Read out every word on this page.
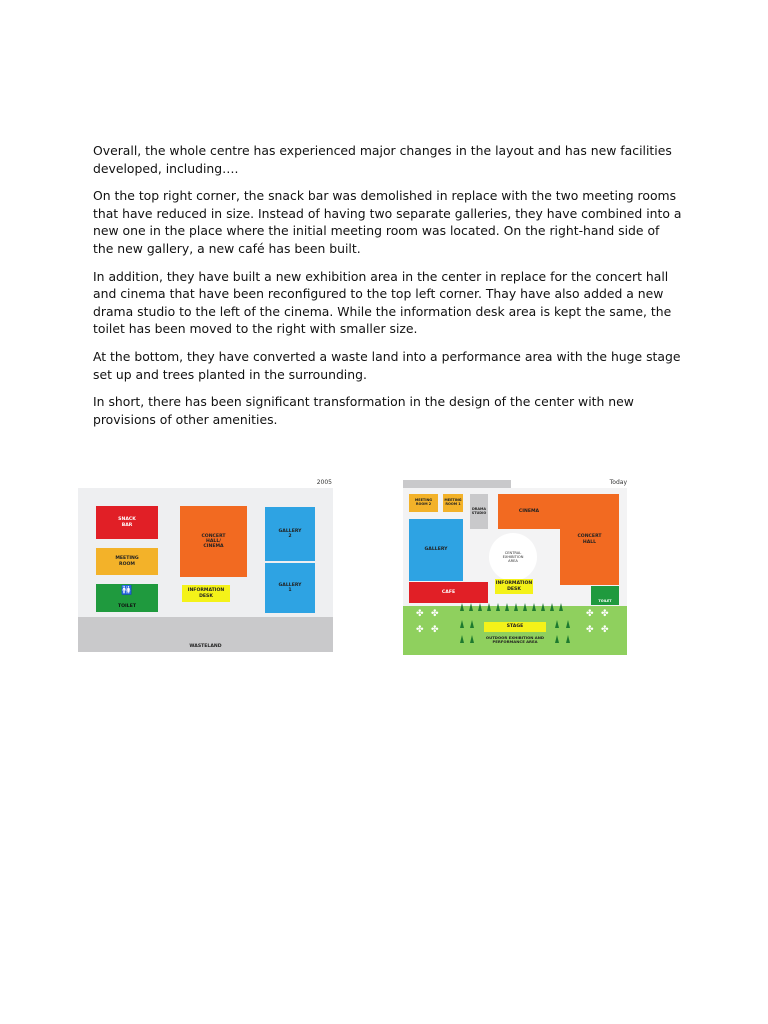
Overall, the whole centre has experienced major changes in the layout and has new facilities developed, including….

On the top right corner, the snack bar was demolished in replace with the two meeting rooms that have reduced in size. Instead of having two separate galleries, they have combined into a new one in the place where the initial meeting room was located. On the right-hand side of the new gallery, a new café has been built.

In addition, they have built a new exhibition area in the center in replace for the concert hall and cinema that have been reconfigured to the top left corner. Thay have also added a new drama studio to the left of the cinema. While the information desk area is kept the same, the toilet has been moved to the right with smaller size.

At the bottom, they have converted a waste land into a performance area with the huge stage set up and trees planted in the surrounding.

In short, there has been significant transformation in the design of the center with new provisions of other amenities.

2005
SNACK
BAR
MEETING
ROOM
🚻
TOILET
CONCERT
HALL/
CINEMA
INFORMATION
DESK
GALLERY
2
GALLERY
1
WASTELAND
Today
MEETING
ROOM 2
MEETING
ROOM 1
DRAMA
STUDIO	CINEMA
GALLERY
CENTRAL
EXHIBITION
AREA
CONCERT
HALL
CAFE
INFORMATION
DESK
TOILET
STAGE
OUTDOOR EXHIBITION AND
PERFORMANCE AREA
✤ ✤
✤ ✤
✤ ✤
✤ ✤
